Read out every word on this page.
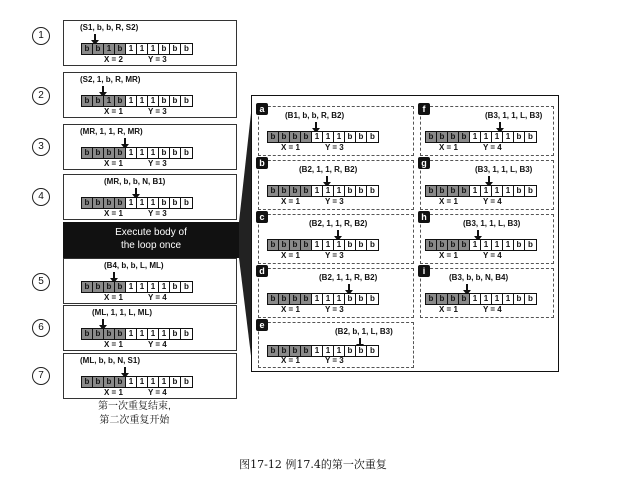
1
(S1, b, b, R, S2)
b b 1 b 1 1 1 b b b
X = 2	Y = 3
2
(S2, 1, b, R, MR)
b b 1 b 1 1 1 b b b
X = 1	Y = 3
3
(MR, 1, 1, R, MR)
b b b b 1 1 1 b b b
X = 1	Y = 3
4
(MR, b, b, N, B1)
b b b b 1 1 1 b b b
X = 1	Y = 3
Execute body of
the loop once
5
(B4, b, b, L, ML)
b b b b 1 1 1 1 b b
X = 1	Y = 4
6
(ML, 1, 1, L, ML)
b b b b 1 1 1 1 b b
X = 1	Y = 4
7
(ML, b, b, N, S1)
b b b b 1 1 1 1 b b
X = 1	Y = 4
第一次重复结束,
第二次重复开始
a
(B1, b, b, R, B2)
b b b b 1 1 1 b b b
X = 1	Y = 3
b
(B2, 1, 1, R, B2)
b b b b 1 1 1 b b b
X = 1	Y = 3
c
(B2, 1, 1, R, B2)
b b b b 1 1 1 b b b
X = 1	Y = 3
d
(B2, 1, 1, R, B2)
b b b b 1 1 1 b b b
X = 1	Y = 3
e
(B2, b, 1, L, B3)
b b b b 1 1 1 b b b
X = 1	Y = 3
f
(B3, 1, 1, L, B3)
b b b b 1 1 1 1 b b
X = 1	Y = 4
g
(B3, 1, 1, L, B3)
b b b b 1 1 1 1 b b
X = 1	Y = 4
h
(B3, 1, 1, L, B3)
b b b b 1 1 1 1 b b
X = 1	Y = 4
i
(B3, b, b, N, B4)
b b b b 1 1 1 1 b b
X = 1	Y = 4
图17-12 例17.4的第一次重复
